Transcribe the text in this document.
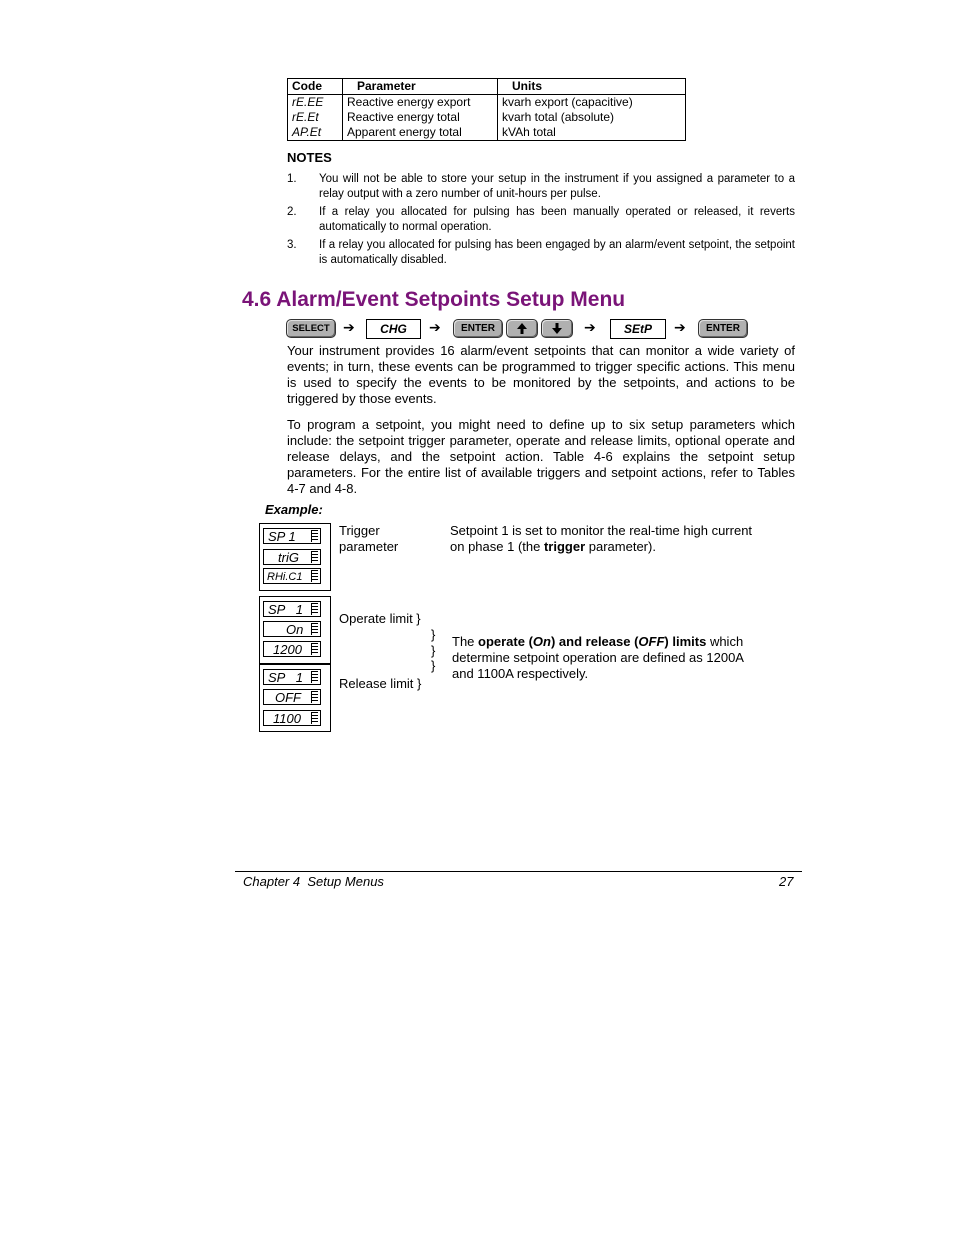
Code	Parameter	Units
rE.EE	Reactive energy export	kvarh export (capacitive)
rE.Et	Reactive energy total	kvarh total (absolute)
AP.Et	Apparent energy total	kVAh total
NOTES
1. You will not be able to store your setup in the instrument if you assigned a parameter to a relay output with a zero number of unit-hours per pulse.
2. If a relay you allocated for pulsing has been manually operated or released, it reverts automatically to normal operation.
3. If a relay you allocated for pulsing has been engaged by an alarm/event setpoint, the setpoint is automatically disabled.
4.6 Alarm/Event Setpoints Setup Menu
SELECT ➔	CHG	➔	ENTER	➔	SEtP	➔	ENTER
Your instrument provides 16 alarm/event setpoints that can monitor a wide variety of events; in turn, these events can be programmed to trigger specific actions. This menu is used to specify the events to be monitored by the setpoints, and actions to be triggered by those events.
To program a setpoint, you might need to define up to six setup parameters which include: the setpoint trigger parameter, operate and release limits, optional operate and release delays, and the setpoint action. Table 4-6 explains the setpoint setup parameters. For the entire list of available triggers and setpoint actions, refer to Tables 4-7 and 4-8.
Example:
SP 1
triG
RHi.C1
SP   1
On
1200
SP   1
OFF
1100
Trigger
parameter
Setpoint 1 is set to monitor the real-time high current
on phase 1 (the trigger parameter).
Operate limit }
}
}
}
Release limit }
The operate (On) and release (OFF) limits which
determine setpoint operation are defined as 1200A
and 1100A respectively.
Chapter 4  Setup Menus	27
